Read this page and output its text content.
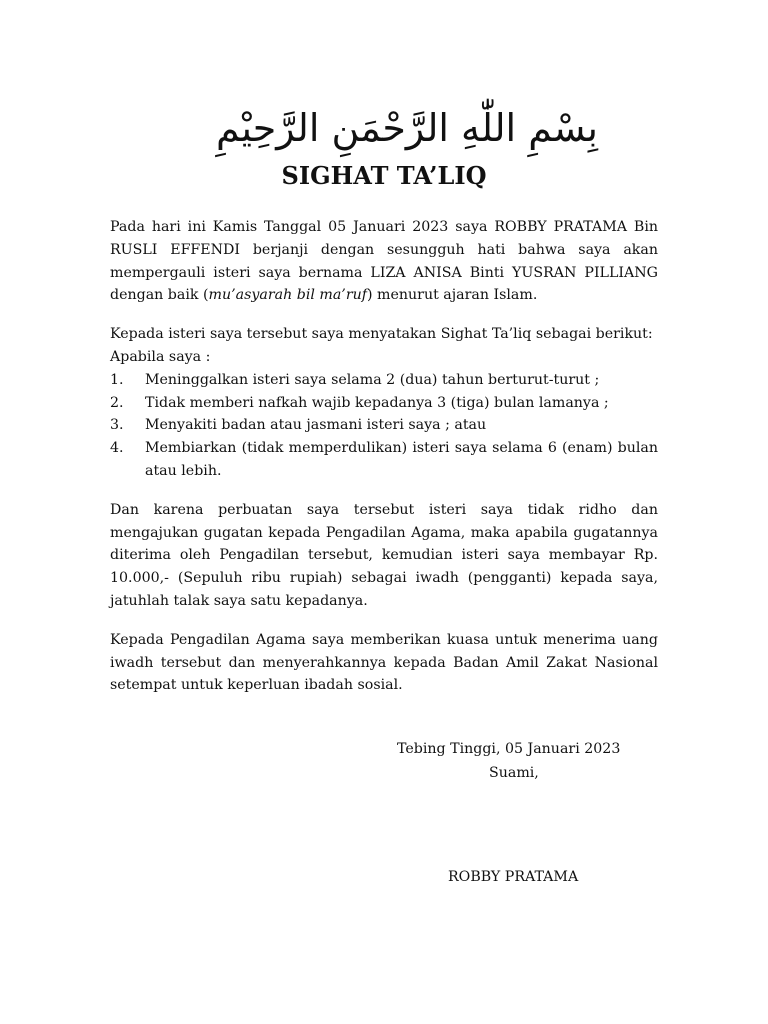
بِسْمِ اللّٰهِ الرَّحْمَنِ الرَّحِيْمِ
SIGHAT TA’LIQ

Pada hari ini Kamis Tanggal 05 Januari 2023 saya ROBBY PRATAMA Bin RUSLI EFFENDI berjanji dengan sesungguh hati bahwa saya akan mempergauli isteri saya bernama LIZA ANISA Binti YUSRAN PILLIANG dengan baik (mu’asyarah bil ma’ruf) menurut ajaran Islam.

Kepada isteri saya tersebut saya menyatakan Sighat Ta’liq sebagai berikut:

Apabila saya :

1. Meninggalkan isteri saya selama 2 (dua) tahun berturut-turut ;
2. Tidak memberi nafkah wajib kepadanya 3 (tiga) bulan lamanya ;
3. Menyakiti badan atau jasmani isteri saya ; atau
4. Membiarkan (tidak memperdulikan) isteri saya selama 6 (enam) bulan atau lebih.

Dan karena perbuatan saya tersebut isteri saya tidak ridho dan mengajukan gugatan kepada Pengadilan Agama, maka apabila gugatannya diterima oleh Pengadilan tersebut, kemudian isteri saya membayar Rp. 10.000,- (Sepuluh ribu rupiah) sebagai iwadh (pengganti) kepada saya, jatuhlah talak saya satu kepadanya.

Kepada Pengadilan Agama saya memberikan kuasa untuk menerima uang iwadh tersebut dan menyerahkannya kepada Badan Amil Zakat Nasional setempat untuk keperluan ibadah sosial.

Tebing Tinggi, 05 Januari 2023
Suami,
ROBBY PRATAMA
